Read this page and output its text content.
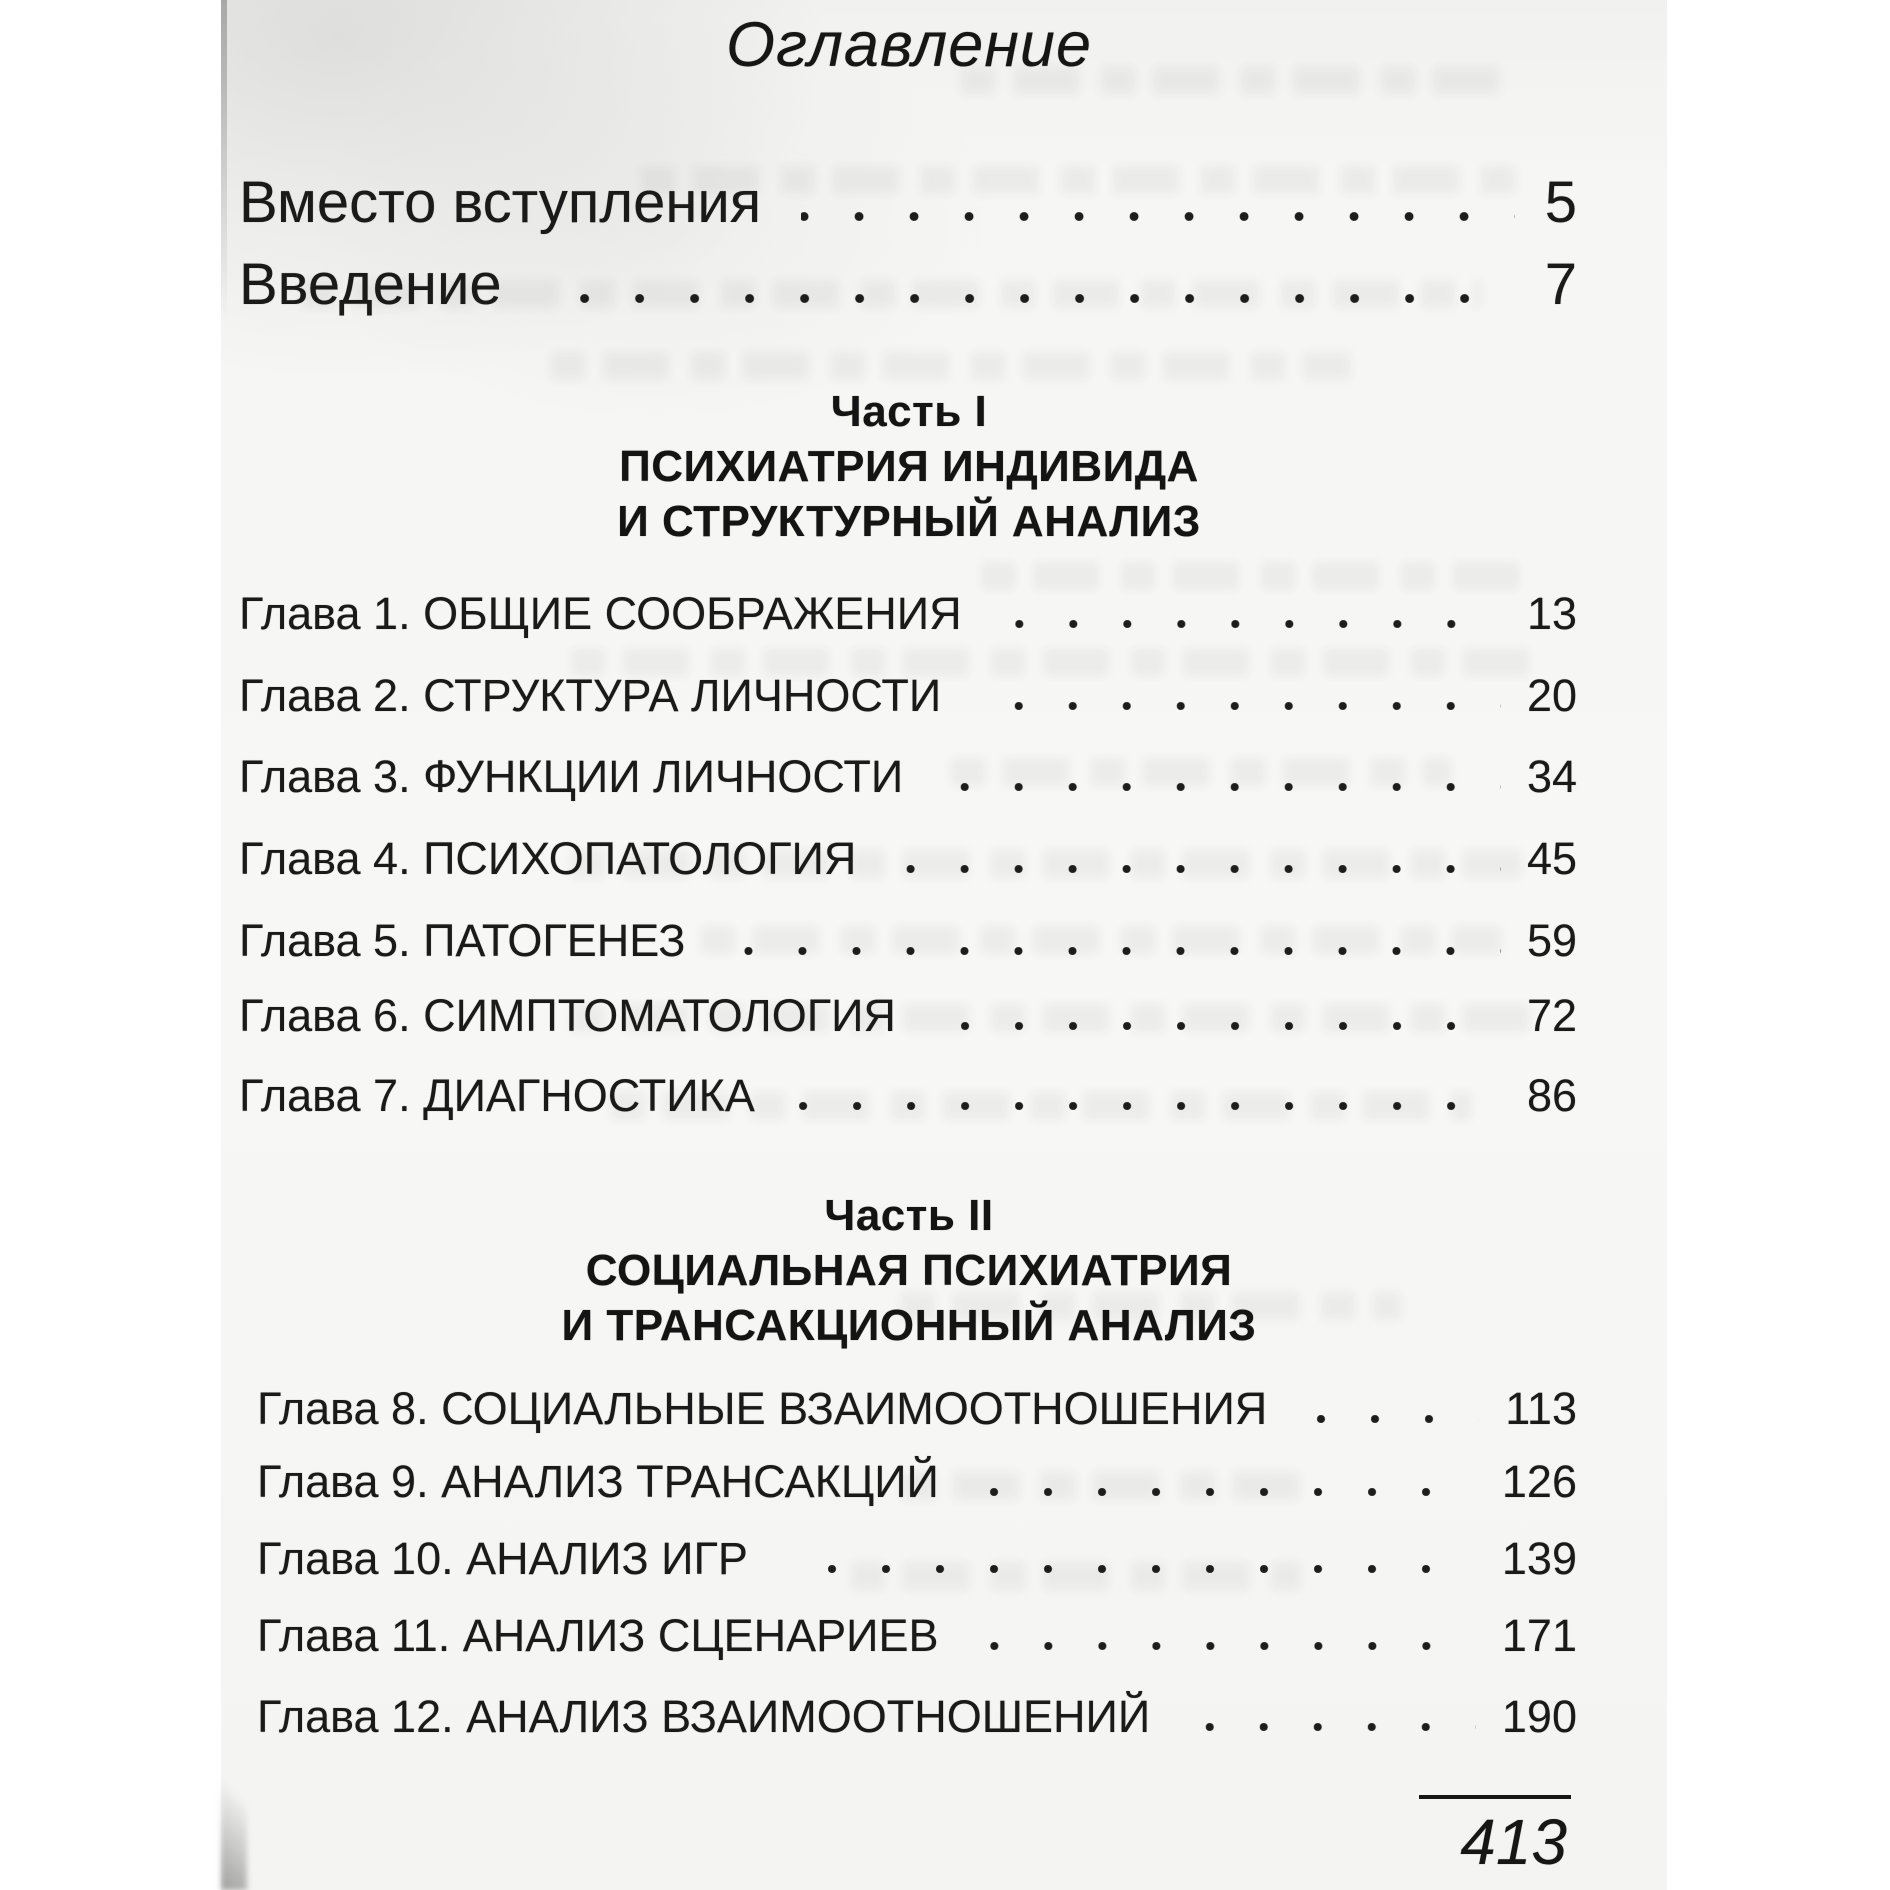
Оглавление
Вместо вступления	5
Введение	7
Часть I
ПСИХИАТРИЯ ИНДИВИДА
И СТРУКТУРНЫЙ АНАЛИЗ
Глава 1. ОБЩИЕ СООБРАЖЕНИЯ	13
Глава 2. СТРУКТУРА ЛИЧНОСТИ	20
Глава 3. ФУНКЦИИ ЛИЧНОСТИ	34
Глава 4. ПСИХОПАТОЛОГИЯ	45
Глава 5. ПАТОГЕНЕЗ	59
Глава 6. СИМПТОМАТОЛОГИЯ	72
Глава 7. ДИАГНОСТИКА	86
Часть II
СОЦИАЛЬНАЯ ПСИХИАТРИЯ
И ТРАНСАКЦИОННЫЙ АНАЛИЗ
Глава 8. СОЦИАЛЬНЫЕ ВЗАИМООТНОШЕНИЯ	113
Глава 9. АНАЛИЗ ТРАНСАКЦИЙ	126
Глава 10. АНАЛИЗ ИГР	139
Глава 11. АНАЛИЗ СЦЕНАРИЕВ	171
Глава 12. АНАЛИЗ ВЗАИМООТНОШЕНИЙ	190
413
